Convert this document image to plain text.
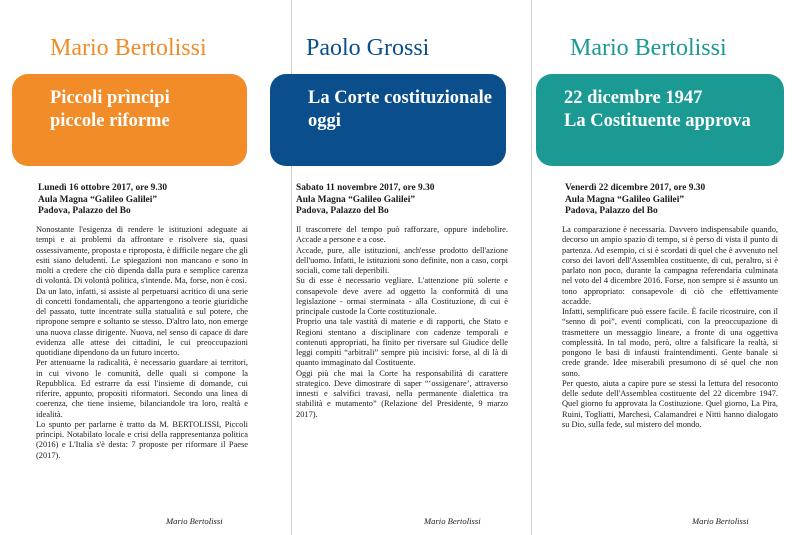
Mario Bertolissi
Piccoli prìncipi
piccole riforme
Lunedì 16 ottobre 2017, ore 9.30
Aula Magna “Galileo Galilei”
Padova, Palazzo del Bo

Nonostante l'esigenza di rendere le istituzioni adeguate ai tempi e ai problemi da affrontare e risolvere sia, quasi ossessivamente, proposta e riproposta, è difficile negare che gli esiti siano deludenti. Le spiegazioni non mancano e sono in molti a credere che ciò dipenda dalla pura e semplice carenza di volontà. Di volontà politica, s'intende. Ma, forse, non è così.

Da un lato, infatti, si assiste al perpetuarsi acritico di una serie di concetti fondamentali, che appartengono a teorie giuridiche del passato, tutte incentrate sulla statualità e sul potere, che ripropone sempre e soltanto se stesso. D'altro lato, non emerge una nuova classe dirigente. Nuova, nel senso di capace di dare evidenza alle attese dei cittadini, le cui preoccupazioni quotidiane dipendono da un futuro incerto.

Per attenuarne la radicalità, è necessario guardare ai territori, in cui vivono le comunità, delle quali si compone la Repubblica. Ed estrarre da essi l'insieme di domande, cui riferire, appunto, propositi riformatori. Secondo una linea di coerenza, che tiene insieme, bilanciandole tra loro, realtà e idealità.

Lo spunto per parlarne è tratto da M. BERTOLISSI, Piccoli prìncipi. Notabilato locale e crisi della rappresentanza politica (2016) e L'Italia s'è desta: 7 proposte per riformare il Paese (2017).

Mario Bertolissi
Paolo Grossi
La Corte costituzionale
oggi
Sabato 11 novembre 2017, ore 9.30
Aula Magna “Galileo Galilei”
Padova, Palazzo del Bo

Il trascorrere del tempo può rafforzare, oppure indebolire. Accade a persone e a cose.

Accade, pure, alle istituzioni, anch'esse prodotto dell'azione dell'uomo. Infatti, le istituzioni sono definite, non a caso, corpi sociali, come tali deperibili.

Su di esse è necessario vegliare. L'attenzione più solerte e consapevole deve avere ad oggetto la conformità di una legislazione - ormai sterminata - alla Costituzione, di cui è principale custode la Corte costituzionale.

Proprio una tale vastità di materie e di rapporti, che Stato e Regioni stentano a disciplinare con cadenze temporali e contenuti appropriati, ha finito per riversare sul Giudice delle leggi compiti “arbitrali” sempre più incisivi: forse, al di là di quanto immaginato dal Costituente.

Oggi più che mai la Corte ha responsabilità di carattere strategico. Deve dimostrare di saper “‘ossigenare’, attraverso innesti e salvifici travasi, nella permanente dialettica tra stabilità e mutamento” (Relazione del Presidente, 9 marzo 2017).

Mario Bertolissi
Mario Bertolissi
22 dicembre 1947
La Costituente approva
Venerdì 22 dicembre 2017, ore 9.30
Aula Magna “Galileo Galilei”
Padova, Palazzo del Bo

La comparazione è necessaria. Davvero indispensabile quando, decorso un ampio spazio di tempo, si è perso di vista il punto di partenza. Ad esempio, ci si è scordati di quel che è avvenuto nel corso dei lavori dell'Assemblea costituente, di cui, peraltro, si è parlato non poco, durante la campagna referendaria culminata nel voto del 4 dicembre 2016. Forse, non sempre si è assunto un tono appropriato: consapevole di ciò che effettivamente accadde.

Infatti, semplificare può essere facile. È facile ricostruire, con il “senno di poi”, eventi complicati, con la preoccupazione di trasmettere un messaggio lineare, a fronte di una oggettiva complessità. In tal modo, però, oltre a falsificare la realtà, si pongono le basi di infausti fraintendimenti. Gente banale si crede grande. Idee miserabili presumono di sé quel che non sono.

Per questo, aiuta a capire pure se stessi la lettura del resoconto delle sedute dell'Assemblea costituente del 22 dicembre 1947. Quel giorno fu approvata la Costituzione. Quel giorno, La Pira, Ruini, Togliatti, Marchesi, Calamandrei e Nitti hanno dialogato su Dio, sulla fede, sul mistero del mondo.

Mario Bertolissi
